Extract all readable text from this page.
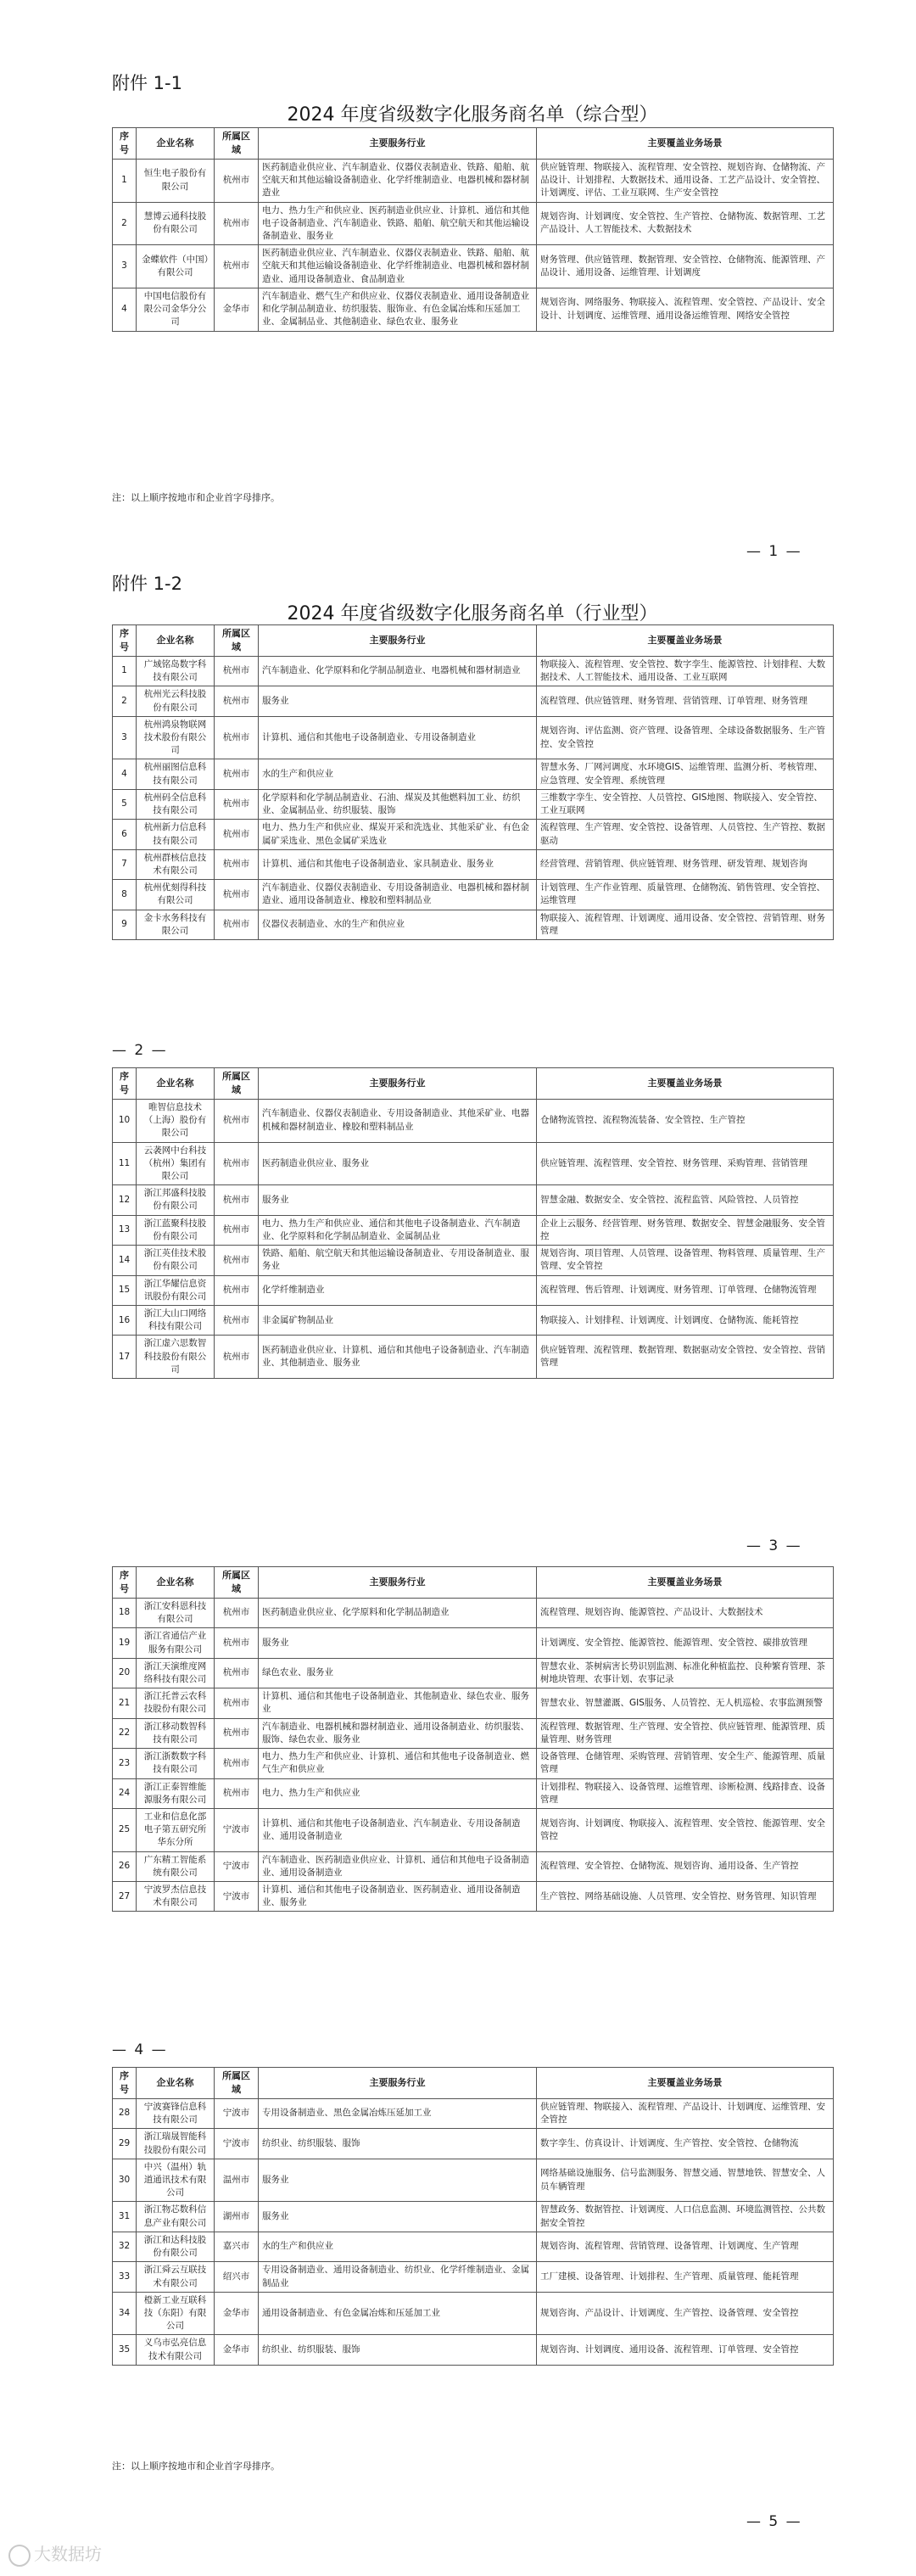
附件 1-1
2024 年度省级数字化服务商名单（综合型）
序号	企业名称	所属区域	主要服务行业	主要覆盖业务场景
1	恒生电子股份有限公司	杭州市	医药制造业供应业、汽车制造业、仪器仪表制造业、铁路、船舶、航空航天和其他运输设备制造业、化学纤维制造业、电器机械和器材制造业	供应链管理、物联接入、流程管理、安全管控、规划咨询、仓储物流、产品设计、计划排程、大数据技术、通用设备、工艺产品设计、安全管控、计划调度、评估、工业互联网、生产安全管控
2	慧博云通科技股份有限公司	杭州市	电力、热力生产和供应业、医药制造业供应业、计算机、通信和其他电子设备制造业、汽车制造业、铁路、船舶、航空航天和其他运输设备制造业、服务业	规划咨询、计划调度、安全管控、生产管控、仓储物流、数据管理、工艺产品设计、人工智能技术、大数据技术
3	金蝶软件（中国）有限公司	杭州市	医药制造业供应业、汽车制造业、仪器仪表制造业、铁路、船舶、航空航天和其他运输设备制造业、化学纤维制造业、电器机械和器材制造业、通用设备制造业、食品制造业	财务管理、供应链管理、数据管理、安全管控、仓储物流、能源管理、产品设计、通用设备、运维管理、计划调度
4	中国电信股份有限公司金华分公司	金华市	汽车制造业、燃气生产和供应业、仪器仪表制造业、通用设备制造业和化学制品制造业、纺织服装、服饰业、有色金属冶炼和压延加工业、金属制品业、其他制造业、绿色农业、服务业	规划咨询、网络服务、物联接入、流程管理、安全管控、产品设计、安全设计、计划调度、运维管理、通用设备运维管理、网络安全管控
注：以上顺序按地市和企业首字母排序。
— 1 —
附件 1-2
2024 年度省级数字化服务商名单（行业型）
序号	企业名称	所属区域	主要服务行业	主要覆盖业务场景
1	广域铭岛数字科技有限公司	杭州市	汽车制造业、化学原料和化学制品制造业、电器机械和器材制造业	物联接入、流程管理、安全管控、数字孪生、能源管控、计划排程、大数据技术、人工智能技术、通用设备、工业互联网
2	杭州光云科技股份有限公司	杭州市	服务业	流程管理、供应链管理、财务管理、营销管理、订单管理、财务管理
3	杭州鸿泉物联网技术股份有限公司	杭州市	计算机、通信和其他电子设备制造业、专用设备制造业	规划咨询、评估监测、资产管理、设备管理、全球设备数据服务、生产管控、安全管控
4	杭州丽图信息科技有限公司	杭州市	水的生产和供应业	智慧水务、厂网河调度、水环境GIS、运维管理、监测分析、考核管理、应急管理、安全管理、系统管理
5	杭州码全信息科技有限公司	杭州市	化学原料和化学制品制造业、石油、煤炭及其他燃料加工业、纺织业、金属制品业、纺织服装、服饰	三维数字孪生、安全管控、人员管控、GIS地图、物联接入、安全管控、工业互联网
6	杭州新力信息科技有限公司	杭州市	电力、热力生产和供应业、煤炭开采和洗选业、其他采矿业、有色金属矿采选业、黑色金属矿采选业	流程管理、生产管理、安全管控、设备管理、人员管控、生产管控、数据驱动
7	杭州群核信息技术有限公司	杭州市	计算机、通信和其他电子设备制造业、家具制造业、服务业	经营管理、营销管理、供应链管理、财务管理、研发管理、规划咨询
8	杭州优刻得科技有限公司	杭州市	汽车制造业、仪器仪表制造业、专用设备制造业、电器机械和器材制造业、通用设备制造业、橡胶和塑料制品业	计划管理、生产作业管理、质量管理、仓储物流、销售管理、安全管控、运维管理
9	金卡水务科技有限公司	杭州市	仪器仪表制造业、水的生产和供应业	物联接入、流程管理、计划调度、通用设备、安全管控、营销管理、财务管理
— 2 —
序号	企业名称	所属区域	主要服务行业	主要覆盖业务场景
10	唯智信息技术（上海）股份有限公司	杭州市	汽车制造业、仪器仪表制造业、专用设备制造业、其他采矿业、电器机械和器材制造业、橡胶和塑料制品业	仓储物流管控、流程物流装备、安全管控、生产管控
11	云袭网中台科技（杭州）集团有限公司	杭州市	医药制造业供应业、服务业	供应链管理、流程管理、安全管控、财务管理、采购管理、营销管理
12	浙江邦盛科技股份有限公司	杭州市	服务业	智慧金融、数据安全、安全管控、流程监管、风险管控、人员管控
13	浙江蓝聚科技股份有限公司	杭州市	电力、热力生产和供应业、通信和其他电子设备制造业、汽车制造业、化学原料和化学制品制造业、金属制品业	企业上云服务、经营管理、财务管理、数据安全、智慧金融服务、安全管控
14	浙江英佳技术股份有限公司	杭州市	铁路、船舶、航空航天和其他运输设备制造业、专用设备制造业、服务业	规划咨询、项目管理、人员管理、设备管理、物料管理、质量管理、生产管理、安全管控
15	浙江华耀信息资讯股份有限公司	杭州市	化学纤维制造业	流程管理、售后管理、计划调度、财务管理、订单管理、仓储物流管理
16	浙江大山口网络科技有限公司	杭州市	非金属矿物制品业	物联接入、计划排程、计划调度、计划调度、仓储物流、能耗管控
17	浙江虚六思数智科技股份有限公司	杭州市	医药制造业供应业、计算机、通信和其他电子设备制造业、汽车制造业、其他制造业、服务业	供应链管理、流程管理、数据管理、数据驱动安全管控、安全管控、营销管理
— 3 —
序号	企业名称	所属区域	主要服务行业	主要覆盖业务场景
18	浙江安科恩科技有限公司	杭州市	医药制造业供应业、化学原料和化学制品制造业	流程管理、规划咨询、能源管控、产品设计、大数据技术
19	浙江省通信产业服务有限公司	杭州市	服务业	计划调度、安全管控、能源管控、能源管理、安全管控、碳排放管理
20	浙江天演维度网络科技有限公司	杭州市	绿色农业、服务业	智慧农业、茶树病害长势识别监测、标准化种植监控、良种繁育管理、茶树地块管理、农事计划、农事记录
21	浙江托普云农科技股份有限公司	杭州市	计算机、通信和其他电子设备制造业、其他制造业、绿色农业、服务业	智慧农业、智慧灌溉、GIS服务、人员管控、无人机巡检、农事监测预警
22	浙江移动数智科技有限公司	杭州市	汽车制造业、电器机械和器材制造业、通用设备制造业、纺织服装、服饰、绿色农业、服务业	流程管理、数据管理、生产管理、安全管控、供应链管理、能源管理、质量管理、财务管理
23	浙江浙数数字科技有限公司	杭州市	电力、热力生产和供应业、计算机、通信和其他电子设备制造业、燃气生产和供应业	设备管理、仓储管理、采购管理、营销管理、安全生产、能源管理、质量管理
24	浙江正泰智维能源服务有限公司	杭州市	电力、热力生产和供应业	计划排程、物联接入、设备管理、运维管理、诊断检测、线路排查、设备管理
25	工业和信息化部电子第五研究所华东分所	宁波市	计算机、通信和其他电子设备制造业、汽车制造业、专用设备制造业、通用设备制造业	规划咨询、计划调度、物联接入、流程管理、安全管控、能源管理、安全管控
26	广东精工智能系统有限公司	宁波市	汽车制造业、医药制造业供应业、计算机、通信和其他电子设备制造业、通用设备制造业	流程管理、安全管控、仓储物流、规划咨询、通用设备、生产管控
27	宁波罗杰信息技术有限公司	宁波市	计算机、通信和其他电子设备制造业、医药制造业、通用设备制造业、服务业	生产管控、网络基础设施、人员管理、安全管控、财务管理、知识管理
— 4 —
序号	企业名称	所属区域	主要服务行业	主要覆盖业务场景
28	宁波赛锋信息科技有限公司	宁波市	专用设备制造业、黑色金属冶炼压延加工业	供应链管理、物联接入、流程管理、产品设计、计划调度、运维管理、安全管控
29	浙江瑞晟智能科技股份有限公司	宁波市	纺织业、纺织服装、服饰	数字孪生、仿真设计、计划调度、生产管控、安全管控、仓储物流
30	中兴（温州）轨道通讯技术有限公司	温州市	服务业	网络基础设施服务、信号监测服务、智慧交通、智慧地铁、智慧安全、人员车辆管理
31	浙江物芯数科信息产业有限公司	湖州市	服务业	智慧政务、数据管控、计划调度、人口信息监测、环境监测管控、公共数据安全管控
32	浙江和达科技股份有限公司	嘉兴市	水的生产和供应业	规划咨询、流程管理、营销管理、设备管理、计划调度、生产管理
33	浙江舜云互联技术有限公司	绍兴市	专用设备制造业、通用设备制造业、纺织业、化学纤维制造业、金属制品业	工厂建模、设备管理、计划排程、生产管理、质量管理、能耗管理
34	橙新工业互联科技（东阳）有限公司	金华市	通用设备制造业、有色金属冶炼和压延加工业	规划咨询、产品设计、计划调度、生产管控、设备管理、安全管控
35	义乌市弘亮信息技术有限公司	金华市	纺织业、纺织服装、服饰	规划咨询、计划调度、通用设备、流程管理、订单管理、安全管控
注：以上顺序按地市和企业首字母排序。
— 5 —
大数据坊
